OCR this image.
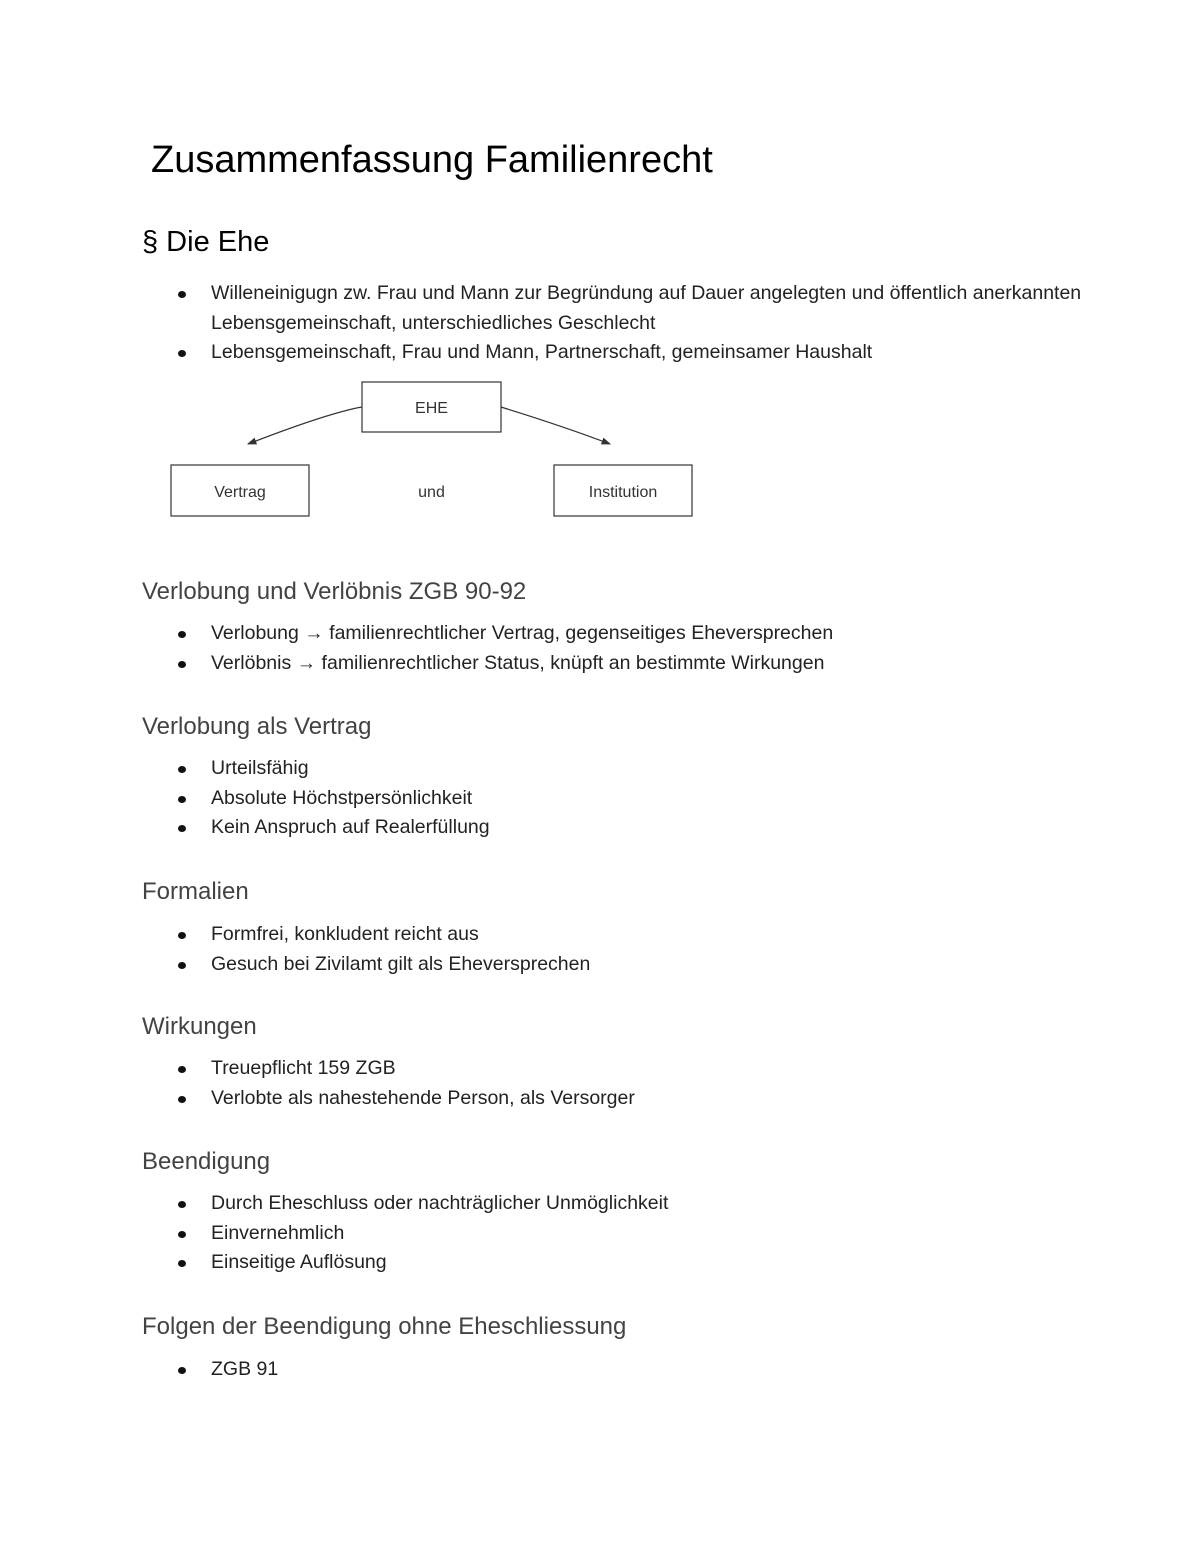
Zusammenfassung Familienrecht
§ Die Ehe
Willeneinigugn zw. Frau und Mann zur Begründung auf Dauer angelegten und öffentlich anerkannten Lebensgemeinschaft, unterschiedliches Geschlecht
Lebensgemeinschaft, Frau und Mann, Partnerschaft, gemeinsamer Haushalt
EHE
Vertrag	und	Institution
Verlobung und Verlöbnis ZGB 90-92
Verlobung → familienrechtlicher Vertrag, gegenseitiges Eheversprechen
Verlöbnis → familienrechtlicher Status, knüpft an bestimmte Wirkungen
Verlobung als Vertrag
Urteilsfähig
Absolute Höchstpersönlichkeit
Kein Anspruch auf Realerfüllung
Formalien
Formfrei, konkludent reicht aus
Gesuch bei Zivilamt gilt als Eheversprechen
Wirkungen
Treuepflicht 159 ZGB
Verlobte als nahestehende Person, als Versorger
Beendigung
Durch Eheschluss oder nachträglicher Unmöglichkeit
Einvernehmlich
Einseitige Auflösung
Folgen der Beendigung ohne Eheschliessung
ZGB 91
